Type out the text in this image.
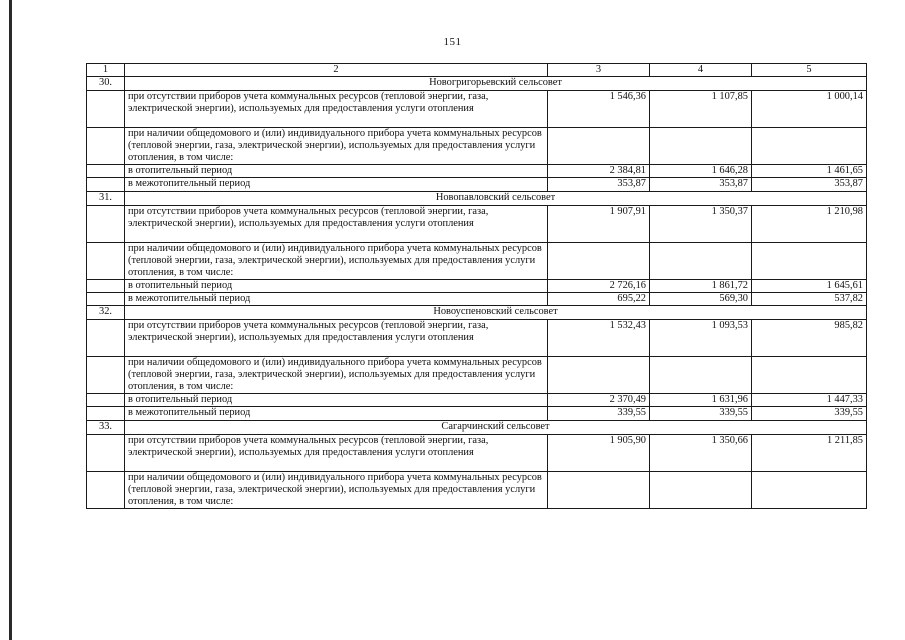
151
1	2	3	4	5
30.	Новогригорьевский сельсовет			
	при отсутствии приборов учета коммунальных ресурсов (тепловой энергии, газа, электрической энергии), используемых для предоставления услуги отопления	1 546,36	1 107,85	1 000,14
	при наличии общедомового и (или) индивидуального прибора учета коммунальных ресурсов (тепловой энергии, газа, электрической энергии), используемых для предоставления услуги отопления, в том числе:			
	в отопительный период	2 384,81	1 646,28	1 461,65
	в межотопительный период	353,87	353,87	353,87
31.	Новопавловский сельсовет			
	при отсутствии приборов учета коммунальных ресурсов (тепловой энергии, газа, электрической энергии), используемых для предоставления услуги отопления	1 907,91	1 350,37	1 210,98
	при наличии общедомового и (или) индивидуального прибора учета коммунальных ресурсов (тепловой энергии, газа, электрической энергии), используемых для предоставления услуги отопления, в том числе:			
	в отопительный период	2 726,16	1 861,72	1 645,61
	в межотопительный период	695,22	569,30	537,82
32.	Новоуспеновский сельсовет			
	при отсутствии приборов учета коммунальных ресурсов (тепловой энергии, газа, электрической энергии), используемых для предоставления услуги отопления	1 532,43	1 093,53	985,82
	при наличии общедомового и (или) индивидуального прибора учета коммунальных ресурсов (тепловой энергии, газа, электрической энергии), используемых для предоставления услуги отопления, в том числе:			
	в отопительный период	2 370,49	1 631,96	1 447,33
	в межотопительный период	339,55	339,55	339,55
33.	Сагарчинский сельсовет			
	при отсутствии приборов учета коммунальных ресурсов (тепловой энергии, газа, электрической энергии), используемых для предоставления услуги отопления	1 905,90	1 350,66	1 211,85
	при наличии общедомового и (или) индивидуального прибора учета коммунальных ресурсов (тепловой энергии, газа, электрической энергии), используемых для предоставления услуги отопления, в том числе:			
